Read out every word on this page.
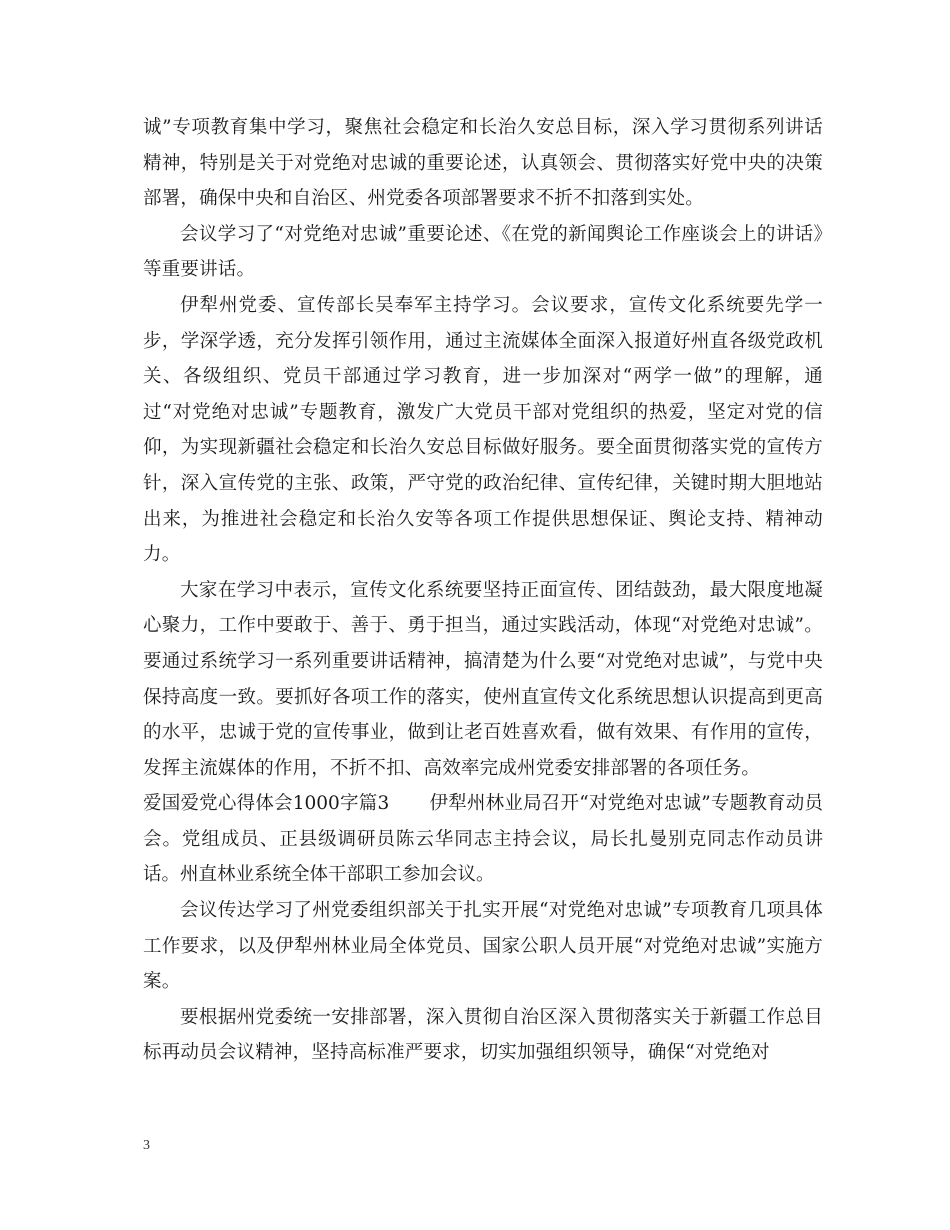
诚”专项教育集中学习，聚焦社会稳定和长治久安总目标，深入学习贯彻系列讲话精神，特别是关于对党绝对忠诚的重要论述，认真领会、贯彻落实好党中央的决策部署，确保中央和自治区、州党委各项部署要求不折不扣落到实处。

会议学习了“对党绝对忠诚”重要论述、《在党的新闻舆论工作座谈会上的讲话》等重要讲话。

伊犁州党委、宣传部长吴奉军主持学习。会议要求，宣传文化系统要先学一步，学深学透，充分发挥引领作用，通过主流媒体全面深入报道好州直各级党政机关、各级组织、党员干部通过学习教育，进一步加深对“两学一做”的理解，通过“对党绝对忠诚”专题教育，激发广大党员干部对党组织的热爱，坚定对党的信仰，为实现新疆社会稳定和长治久安总目标做好服务。要全面贯彻落实党的宣传方针，深入宣传党的主张、政策，严守党的政治纪律、宣传纪律，关键时期大胆地站出来，为推进社会稳定和长治久安等各项工作提供思想保证、舆论支持、精神动力。

大家在学习中表示，宣传文化系统要坚持正面宣传、团结鼓劲，最大限度地凝心聚力，工作中要敢于、善于、勇于担当，通过实践活动，体现“对党绝对忠诚”。要通过系统学习一系列重要讲话精神，搞清楚为什么要“对党绝对忠诚”，与党中央保持高度一致。要抓好各项工作的落实，使州直宣传文化系统思想认识提高到更高的水平，忠诚于党的宣传事业，做到让老百姓喜欢看，做有效果、有作用的宣传，发挥主流媒体的作用，不折不扣、高效率完成州党委安排部署的各项任务。

爱国爱党心得体会1000字篇3 伊犁州林业局召开“对党绝对忠诚”专题教育动员会。党组成员、正县级调研员陈云华同志主持会议，局长扎曼别克同志作动员讲话。州直林业系统全体干部职工参加会议。

会议传达学习了州党委组织部关于扎实开展“对党绝对忠诚”专项教育几项具体工作要求，以及伊犁州林业局全体党员、国家公职人员开展“对党绝对忠诚”实施方案。

要根据州党委统一安排部署，深入贯彻自治区深入贯彻落实关于新疆工作总目标再动员会议精神，坚持高标准严要求，切实加强组织领导，确保“对党绝对

3
